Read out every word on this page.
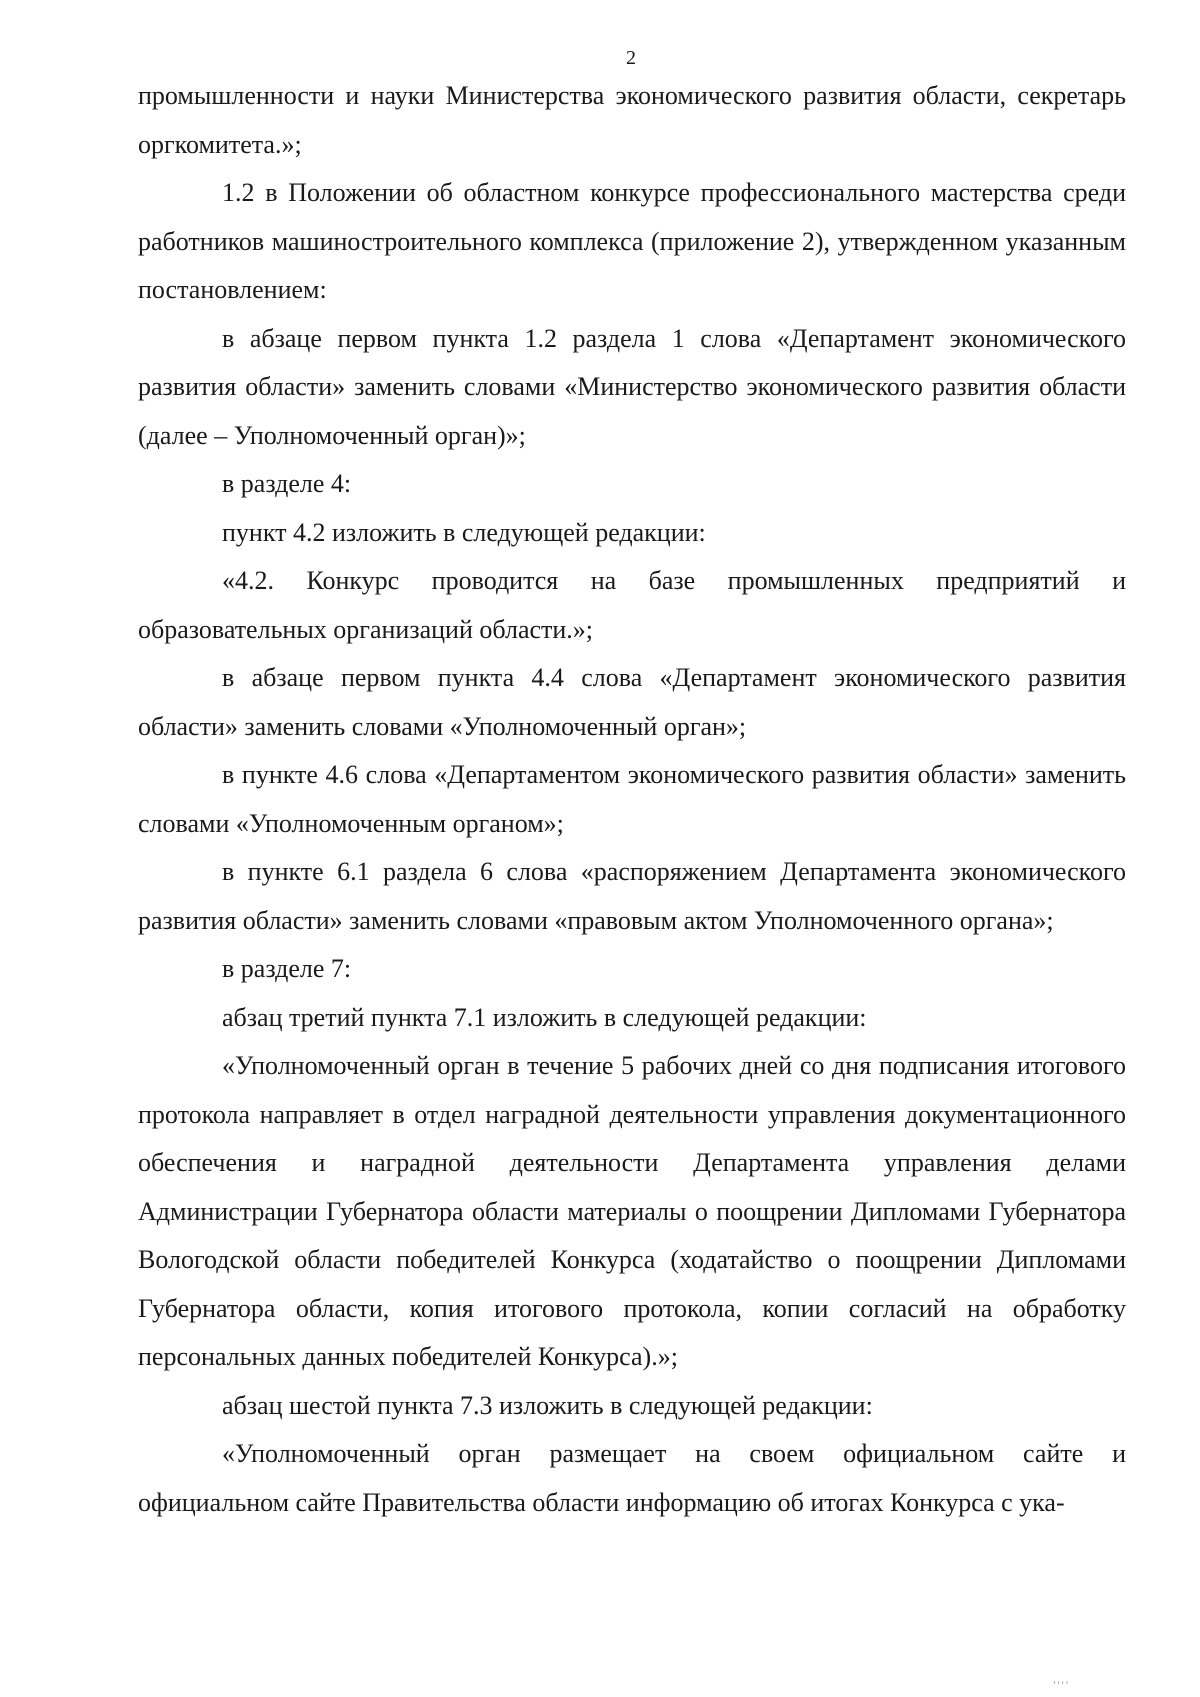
2

промышленности и науки Министерства экономического развития области, секретарь оргкомитета.»;

1.2 в Положении об областном конкурсе профессионального мастерства среди работников машиностроительного комплекса (приложение 2), утвержденном указанным постановлением:

в абзаце первом пункта 1.2 раздела 1 слова «Департамент экономического развития области» заменить словами «Министерство экономического развития области (далее – Уполномоченный орган)»;

в разделе 4:

пункт 4.2 изложить в следующей редакции:

«4.2. Конкурс проводится на базе промышленных предприятий и образовательных организаций области.»;

в абзаце первом пункта 4.4 слова «Департамент экономического развития области» заменить словами «Уполномоченный орган»;

в пункте 4.6 слова «Департаментом экономического развития области» заменить словами «Уполномоченным органом»;

в пункте 6.1 раздела 6 слова «распоряжением Департамента экономического развития области» заменить словами «правовым актом Уполномоченного органа»;

в разделе 7:

абзац третий пункта 7.1 изложить в следующей редакции:

«Уполномоченный орган в течение 5 рабочих дней со дня подписания итогового протокола направляет в отдел наградной деятельности управления документационного обеспечения и наградной деятельности Департамента управления делами Администрации Губернатора области материалы о поощрении Дипломами Губернатора Вологодской области победителей Конкурса (ходатайство о поощрении Дипломами Губернатора области, копия итогового протокола, копии согласий на обработку персональных данных победителей Конкурса).»;

абзац шестой пункта 7.3 изложить в следующей редакции:

«Уполномоченный орган размещает на своем официальном сайте и официальном сайте Правительства области информацию об итогах Конкурса с ука-

''''
